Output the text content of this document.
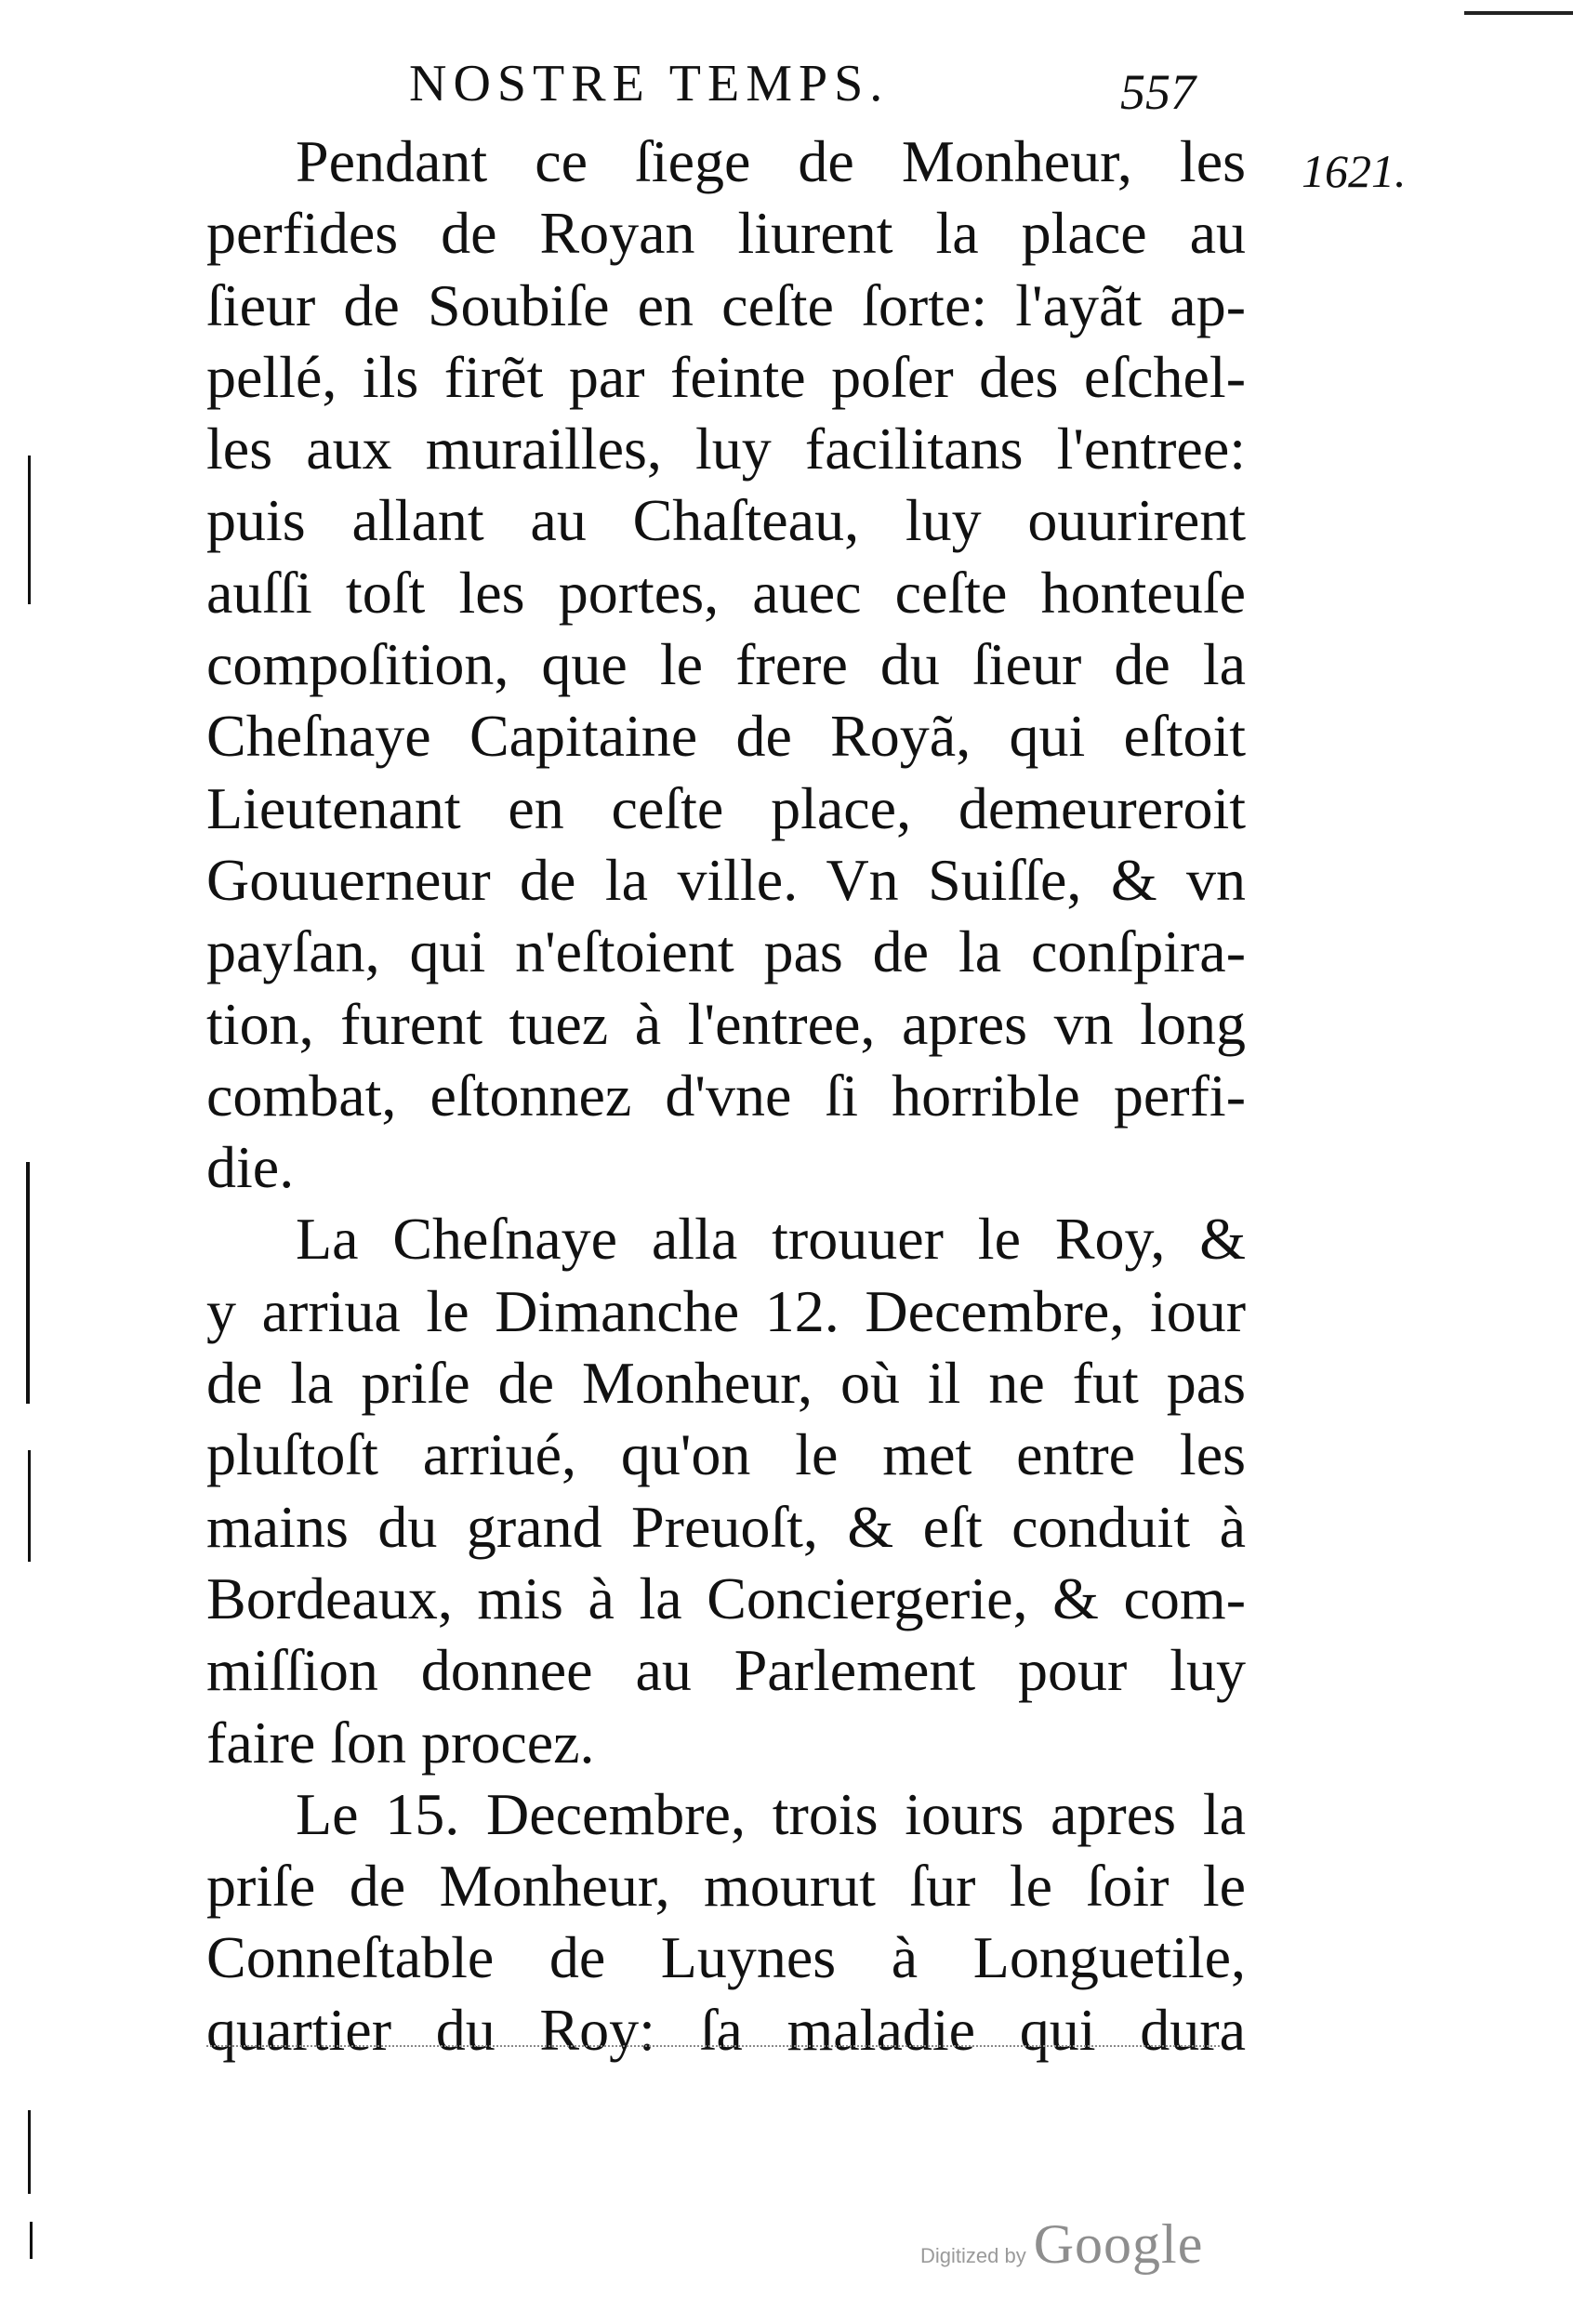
NOSTRE TEMPS.	557
1621.
Pendant ce ſiege de Monheur, les
perfides de Royan liurent la place au
ſieur de Soubiſe en ceſte ſorte: l'ayãt ap-
pellé, ils firẽt par feinte poſer des eſchel-
les aux murailles, luy facilitans l'entree:
puis allant au Chaſteau, luy ouurirent
auſſi toſt les portes, auec ceſte honteuſe
compoſition, que le frere du ſieur de la
Cheſnaye Capitaine de Royã, qui eſtoit
Lieutenant en ceſte place, demeureroit
Gouuerneur de la ville. Vn Suiſſe, & vn
payſan, qui n'eſtoient pas de la conſpira-
tion, furent tuez à l'entree, apres vn long
combat, eſtonnez d'vne ſi horrible perfi-
die.
La Cheſnaye alla trouuer le Roy, &
y arriua le Dimanche 12. Decembre, iour
de la priſe de Monheur, où il ne fut pas
pluſtoſt arriué, qu'on le met entre les
mains du grand Preuoſt, & eſt conduit à
Bordeaux, mis à la Conciergerie, & com-
miſſion donnee au Parlement pour luy
faire ſon procez.
Le 15. Decembre, trois iours apres la
priſe de Monheur, mourut ſur le ſoir le
Conneſtable de Luynes à Longuetile,
quartier du Roy: ſa maladie qui dura
Digitized by Google
